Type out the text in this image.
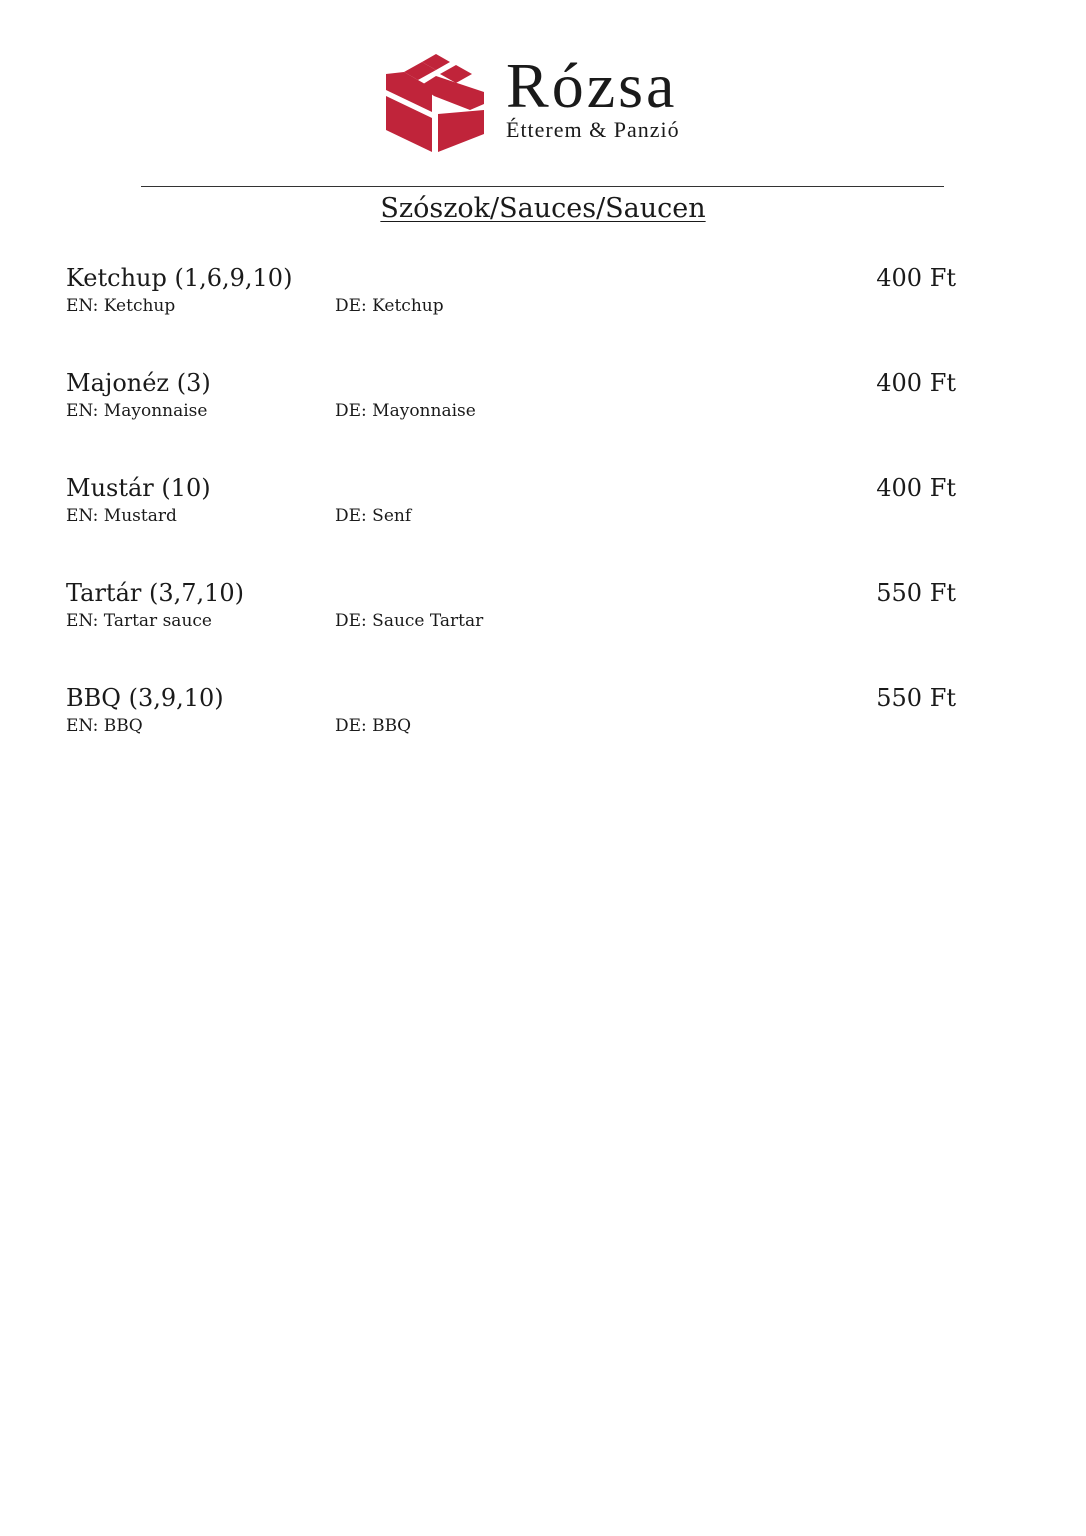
Rózsa
Étterem & Panzió
Szószok/Sauces/Saucen
Ketchup (1,6,9,10)	400 Ft
EN: Ketchup	DE: Ketchup
Majonéz (3)	400 Ft
EN: Mayonnaise	DE: Mayonnaise
Mustár (10)	400 Ft
EN: Mustard	DE: Senf
Tartár (3,7,10)	550 Ft
EN: Tartar sauce	DE: Sauce Tartar
BBQ (3,9,10)	550 Ft
EN: BBQ	DE: BBQ
